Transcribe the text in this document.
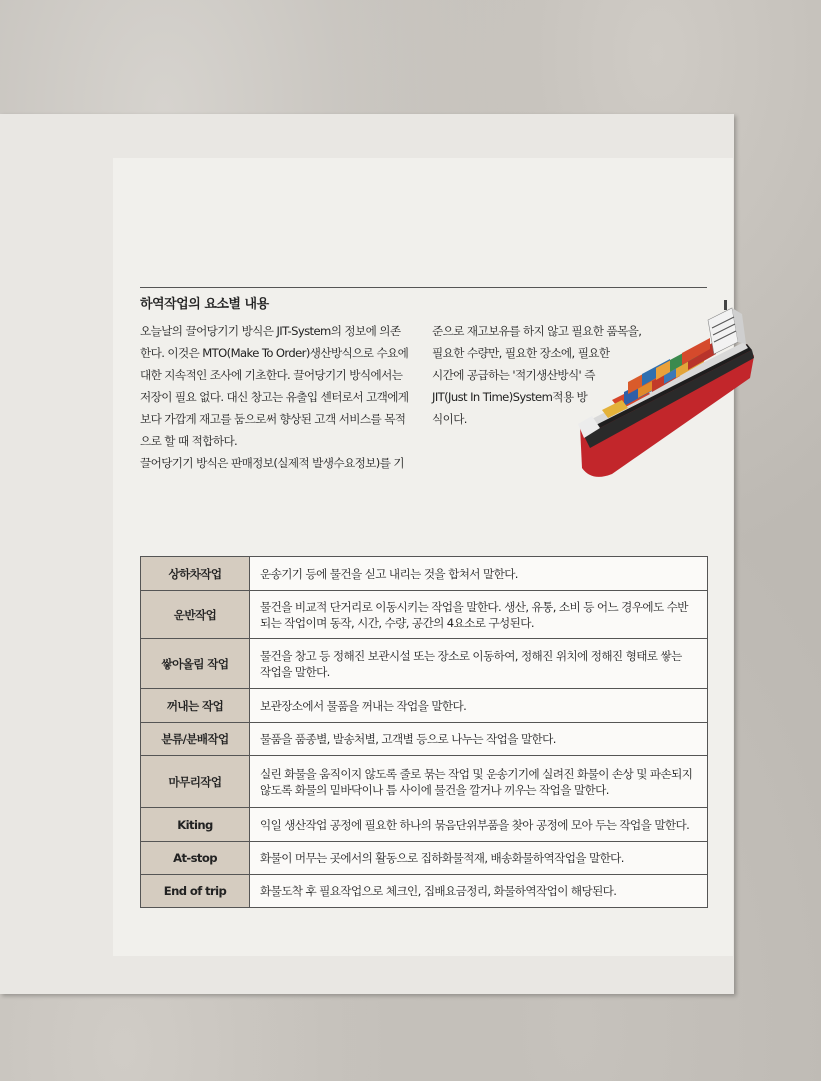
하역작업의 요소별 내용
오늘날의 끌어당기기 방식은 JIT-System의 정보에 의존
한다. 이것은 MTO(Make To Order)생산방식으로 수요에
대한 지속적인 조사에 기초한다. 끌어당기기 방식에서는
저장이 필요 없다. 대신 창고는 유출입 센터로서 고객에게
보다 가깝게 재고를 둠으로써 향상된 고객 서비스를 목적
으로 할 때 적합하다.
끌어당기기 방식은 판매정보(실제적 발생수요정보)를 기
준으로 재고보유를 하지 않고 필요한 품목을,
필요한 수량만, 필요한 장소에, 필요한
시간에 공급하는 '적기생산방식' 즉
JIT(Just In Time)System적용 방
식이다.
상하차작업	운송기기 등에 물건을 싣고 내리는 것을 합쳐서 말한다.

운반작업	물건을 비교적 단거리로 이동시키는 작업을 말한다. 생산, 유통, 소비 등 어느 경우에도 수반
되는 작업이며 동작, 시간, 수량, 공간의 4요소로 구성된다.

쌓아올림 작업	물건을 창고 등 정해진 보관시설 또는 장소로 이동하여, 정해진 위치에 정해진 형태로 쌓는
작업을 말한다.

꺼내는 작업	보관장소에서 물품을 꺼내는 작업을 말한다.

분류/분배작업	물품을 품종별, 발송처별, 고객별 등으로 나누는 작업을 말한다.

마무리작업	실린 화물을 움직이지 않도록 줄로 묶는 작업 및 운송기기에 실려진 화물이 손상 및 파손되지
않도록 화물의 밑바닥이나 틈 사이에 물건을 깔거나 끼우는 작업을 말한다.

Kiting	익일 생산작업 공정에 필요한 하나의 묶음단위부품을 찾아 공정에 모아 두는 작업을 말한다.

At-stop	화물이 머무는 곳에서의 활동으로 집하화물적재, 배송화물하역작업을 말한다.

End of trip	화물도착 후 필요작업으로 체크인, 집배요금정리, 화물하역작업이 해당된다.
